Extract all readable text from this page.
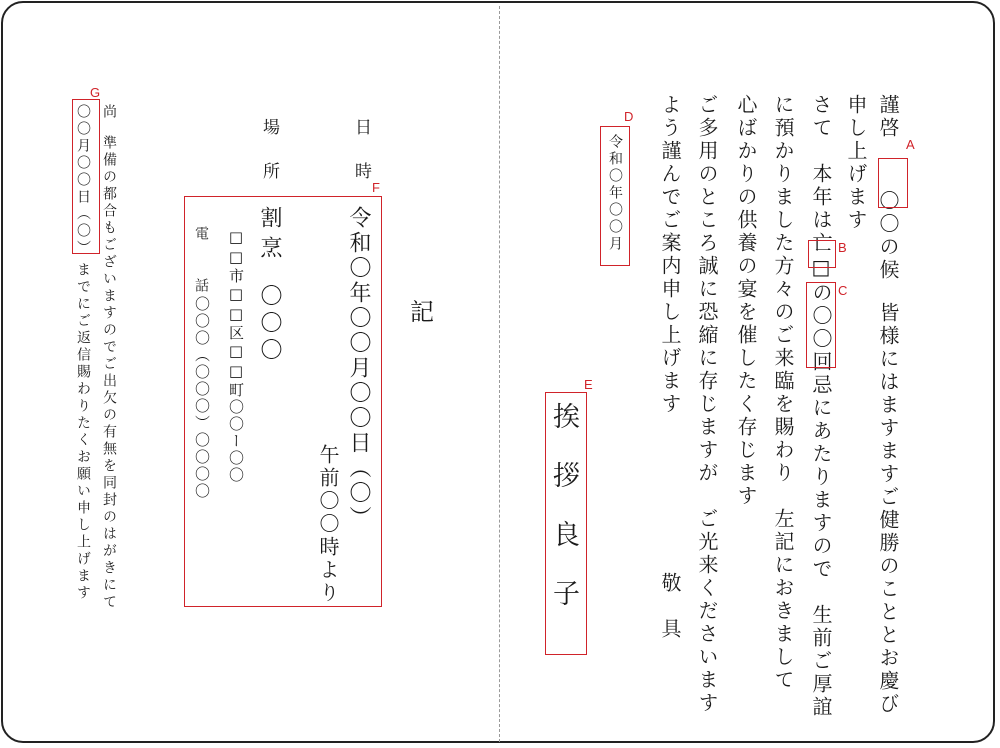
謹啓〇〇の候皆様にはますますご健勝のこととお慶び
申し上げます
さて　本年は亡□の〇〇回忌にあたりますので　生前ご厚誼
に預かりました方々のご来臨を賜わり　左記におきまして
心ばかりの供養の宴を催したく存じます
ご多用のところ誠に恐縮に存じますが　ご光来くださいます
よう謹んでご案内申し上げます
敬　具
A
B
C
令和〇年〇〇月
D
挨拶良子
E
記
日　時
場　所
F
令和〇年〇〇月〇〇日（〇）
午前〇〇時より
割烹
〇〇〇
□□市□□区□□町〇〇ー〇〇
電　話
〇〇〇（〇〇〇）〇〇〇〇
尚準備の都合もございますのでご出欠の有無を同封のはがきにて
〇〇月〇〇日（〇）
までにご返信賜わりたくお願い申し上げます
G
